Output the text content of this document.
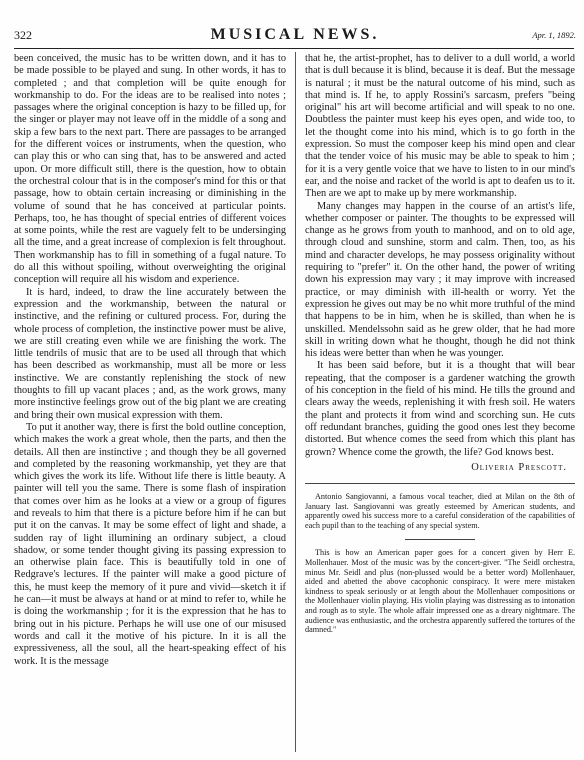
322	MUSICAL NEWS.	Apr. 1, 1892.

been conceived, the music has to be written down, and it has to be made possible to be played and sung. In other words, it has to completed ; and that completion will be quite enough for workmanship to do. For the ideas are to be realised into notes ; passages where the original conception is hazy to be filled up, for the singer or player may not leave off in the middle of a song and skip a few bars to the next part. There are passages to be arranged for the different voices or instruments, when the question, who can play this or who can sing that, has to be answered and acted upon. Or more difficult still, there is the question, how to obtain the orchestral colour that is in the composer's mind for this or that passage, how to obtain certain increasing or diminishing in the volume of sound that he has conceived at particular points. Perhaps, too, he has thought of special entries of different voices at some points, while the rest are vaguely felt to be undersinging all the time, and a great increase of complexion is felt throughout. Then workmanship has to fill in something of a fugal nature. To do all this without spoiling, without overweighting the original conception will require all his wisdom and experience.

It is hard, indeed, to draw the line accurately between the expression and the workmanship, between the natural or instinctive, and the refining or cultured process. For, during the whole process of completion, the instinctive power must be alive, we are still creating even while we are finishing the work. The little tendrils of music that are to be used all through that which has been described as workmanship, must all be more or less instinctive. We are constantly replenishing the stock of new thoughts to fill up vacant places ; and, as the work grows, many more instinctive feelings grow out of the big plant we are creating and bring their own musical expression with them.

To put it another way, there is first the bold outline conception, which makes the work a great whole, then the parts, and then the details. All then are instinctive ; and though they be all governed and completed by the reasoning workmanship, yet they are that which gives the work its life. Without life there is little beauty. A painter will tell you the same. There is some flash of inspiration that comes over him as he looks at a view or a group of figures and reveals to him that there is a picture before him if he can but put it on the canvas. It may be some effect of light and shade, a sudden ray of light illumining an ordinary subject, a cloud shadow, or some tender thought giving its passing expression to an otherwise plain face. This is beautifully told in one of Redgrave's lectures. If the painter will make a good picture of this, he must keep the memory of it pure and vivid—sketch it if he can—it must be always at hand or at mind to refer to, while he is doing the workmanship ; for it is the expression that he has to bring out in his picture. Perhaps he will use one of our misused words and call it the motive of his picture. In it is all the expressiveness, all the soul, all the heart-speaking effect of his work. It is the message

that he, the artist-prophet, has to deliver to a dull world, a world that is dull because it is blind, because it is deaf. But the message is natural ; it must be the natural outcome of his mind, such as that mind is. If he, to apply Rossini's sarcasm, prefers "being original" his art will become artificial and will speak to no one. Doubtless the painter must keep his eyes open, and wide too, to let the thought come into his mind, which is to go forth in the expression. So must the composer keep his mind open and clear that the tender voice of his music may be able to speak to him ; for it is a very gentle voice that we have to listen to in our mind's ear, and the noise and racket of the world is apt to deafen us to it. Then are we apt to make up by mere workmanship.

Many changes may happen in the course of an artist's life, whether composer or painter. The thoughts to be expressed will change as he grows from youth to manhood, and on to old age, through cloud and sunshine, storm and calm. Then, too, as his mind and character develops, he may possess originality without requiring to "prefer" it. On the other hand, the power of writing down his expression may vary ; it may improve with increased practice, or may diminish with ill-health or worry. Yet the expression he gives out may be no whit more truthful of the mind that happens to be in him, when he is skilled, than when he is unskilled. Mendelssohn said as he grew older, that he had more skill in writing down what he thought, though he did not think his ideas were better than when he was younger.

It has been said before, but it is a thought that will bear repeating, that the composer is a gardener watching the growth of his conception in the field of his mind. He tills the ground and clears away the weeds, replenishing it with fresh soil. He waters the plant and protects it from wind and scorching sun. He cuts off redundant branches, guiding the good ones lest they become distorted. But whence comes the seed from which this plant has grown? Whence come the growth, the life? God knows best.

Oliveria Prescott.

Antonio Sangiovanni, a famous vocal teacher, died at Milan on the 8th of January last. Sangiovanni was greatly esteemed by American students, and apparently owed his success more to a careful consideration of the capabilities of each pupil than to the teaching of any special system.

This is how an American paper goes for a concert given by Herr E. Mollenhauer. Most of the music was by the concert-giver. "The Seidl orchestra, minus Mr. Seidl and plus (non-plussed would be a better word) Mollenhauer, aided and abetted the above cacophonic conspiracy. It were mere mistaken kindness to speak seriously or at length about the Mollenhauer compositions or the Mollenhauer violin playing. His violin playing was distressing as to intonation and rough as to style. The whole affair impressed one as a dreary nightmare. The audience was enthusiastic, and the orchestra apparently suffered the tortures of the damned."
